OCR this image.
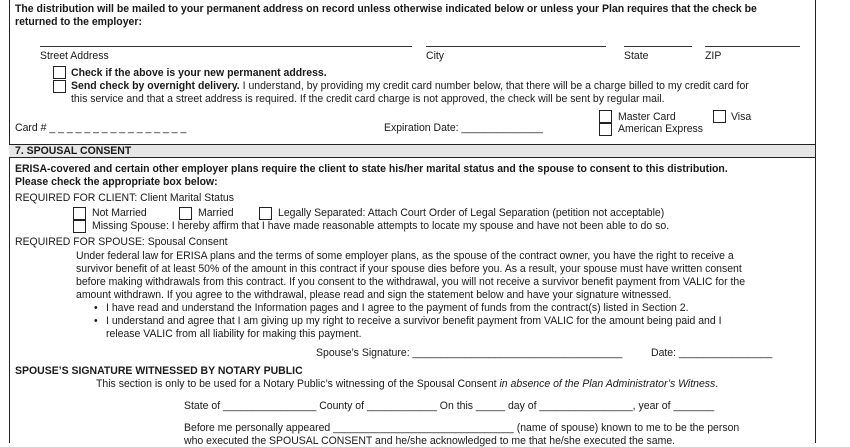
The distribution will be mailed to your permanent address on record unless otherwise indicated below or unless your Plan requires that the check be
returned to the employer:
Street Address	City	State	ZIP
Check if the above is your new permanent address.
Send check by overnight delivery. I understand, by providing my credit card number below, that there will be a charge billed to my credit card for
this service and that a street address is required. If the credit card charge is not approved, the check will be sent by regular mail.
Card # _ _ _ _ _ _ _ _ _ _ _ _ _ _ _ _	Expiration Date: ______________
Master Card
American Express
Visa
7. SPOUSAL CONSENT
ERISA-covered and certain other employer plans require the client to state his/her marital status and the spouse to consent to this distribution.
Please check the appropriate box below:
REQUIRED FOR CLIENT: Client Marital Status
Not Married	Married	Legally Separated: Attach Court Order of Legal Separation (petition not acceptable)
Missing Spouse: I hereby affirm that I have made reasonable attempts to locate my spouse and have not been able to do so.
REQUIRED FOR SPOUSE: Spousal Consent
Under federal law for ERISA plans and the terms of some employer plans, as the spouse of the contract owner, you have the right to receive a
survivor benefit of at least 50% of the amount in this contract if your spouse dies before you. As a result, your spouse must have written consent
before making withdrawals from this contract. If you consent to the withdrawal, you will not receive a survivor benefit payment from VALIC for the
amount withdrawn. If you agree to the withdrawal, please read and sign the statement below and have your signature witnessed.
• I have read and understand the Information pages and I agree to the payment of funds from the contract(s) listed in Section 2.
• I understand and agree that I am giving up my right to receive a survivor benefit payment from VALIC for the amount being paid and I
release VALIC from all liability for making this payment.
Spouse’s Signature: ____________________________________	Date: ________________
SPOUSE’S SIGNATURE WITNESSED BY NOTARY PUBLIC
This section is only to be used for a Notary Public’s witnessing of the Spousal Consent in absence of the Plan Administrator’s Witness.
State of ________________ County of ____________ On this _____ day of ________________, year of _______
Before me personally appeared _______________________________ (name of spouse) known to me to be the person
who executed the SPOUSAL CONSENT and he/she acknowledged to me that he/she executed the same.
